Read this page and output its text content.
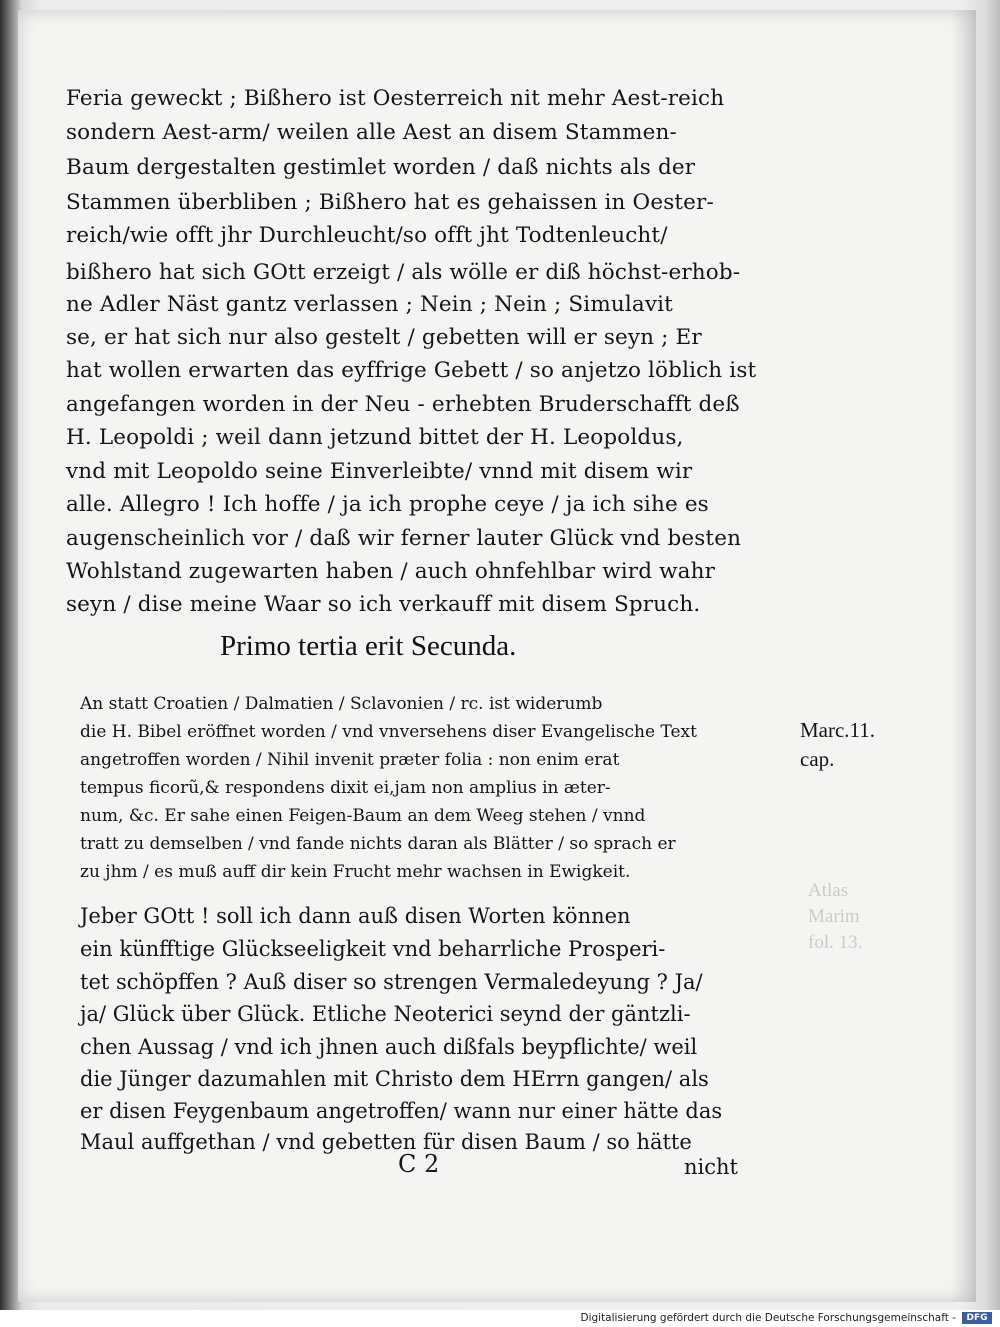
Atlas
Marim
fol. 13.
Feria geweckt ; Bißhero ist Oesterreich nit mehr Aest-reich
sondern Aest-arm/ weilen alle Aest an disem Stammen-
Baum dergestalten gestimlet worden / daß nichts als der
Stammen überbliben ; Bißhero hat es gehaissen in Oester-
reich/wie offt jhr Durchleucht/so offt jht Todtenleucht/
bißhero hat sich GOtt erzeigt / als wölle er diß höchst-erhob-
ne Adler Näst gantz verlassen ; Nein ; Nein ; Simulavit
se, er hat sich nur also gestelt / gebetten will er seyn ; Er
hat wollen erwarten das eyffrige Gebett / so anjetzo löblich ist
angefangen worden in der Neu - erhebten Bruderschafft deß
H. Leopoldi ; weil dann jetzund bittet der H. Leopoldus,
vnd mit Leopoldo seine Einverleibte/ vnnd mit disem wir
alle. Allegro ! Ich hoffe / ja ich prophe ceye / ja ich sihe es
augenscheinlich vor / daß wir ferner lauter Glück vnd besten
Wohlstand zugewarten haben / auch ohnfehlbar wird wahr
seyn / dise meine Waar so ich verkauff mit disem Spruch.
Primo tertia erit Secunda.
An statt Croatien / Dalmatien / Sclavonien / rc. ist widerumb
die H. Bibel eröffnet worden / vnd vnversehens diser Evangelische Text
angetroffen worden / Nihil invenit præter folia : non enim erat
tempus ficorũ,& respondens dixit ei,jam non amplius in æter-
num, &c. Er sahe einen Feigen-Baum an dem Weeg stehen / vnnd
tratt zu demselben / vnd fande nichts daran als Blätter / so sprach er
zu jhm / es muß auff dir kein Frucht mehr wachsen in Ewigkeit.
Marc.11.
cap.
Jeber GOtt ! soll ich dann auß disen Worten können
ein künfftige Glückseeligkeit vnd beharrliche Prosperi-
tet schöpffen ? Auß diser so strengen Vermaledeyung ? Ja/
ja/ Glück über Glück. Etliche Neoterici seynd der gäntzli-
chen Aussag / vnd ich jhnen auch dißfals beypflichte/ weil
die Jünger dazumahlen mit Christo dem HErrn gangen/ als
er disen Feygenbaum angetroffen/ wann nur einer hätte das
Maul auffgethan / vnd gebetten für disen Baum / so hätte
C 2	nicht
Digitalisierung gefördert durch die Deutsche Forschungsgemeinschaft -	DFG
